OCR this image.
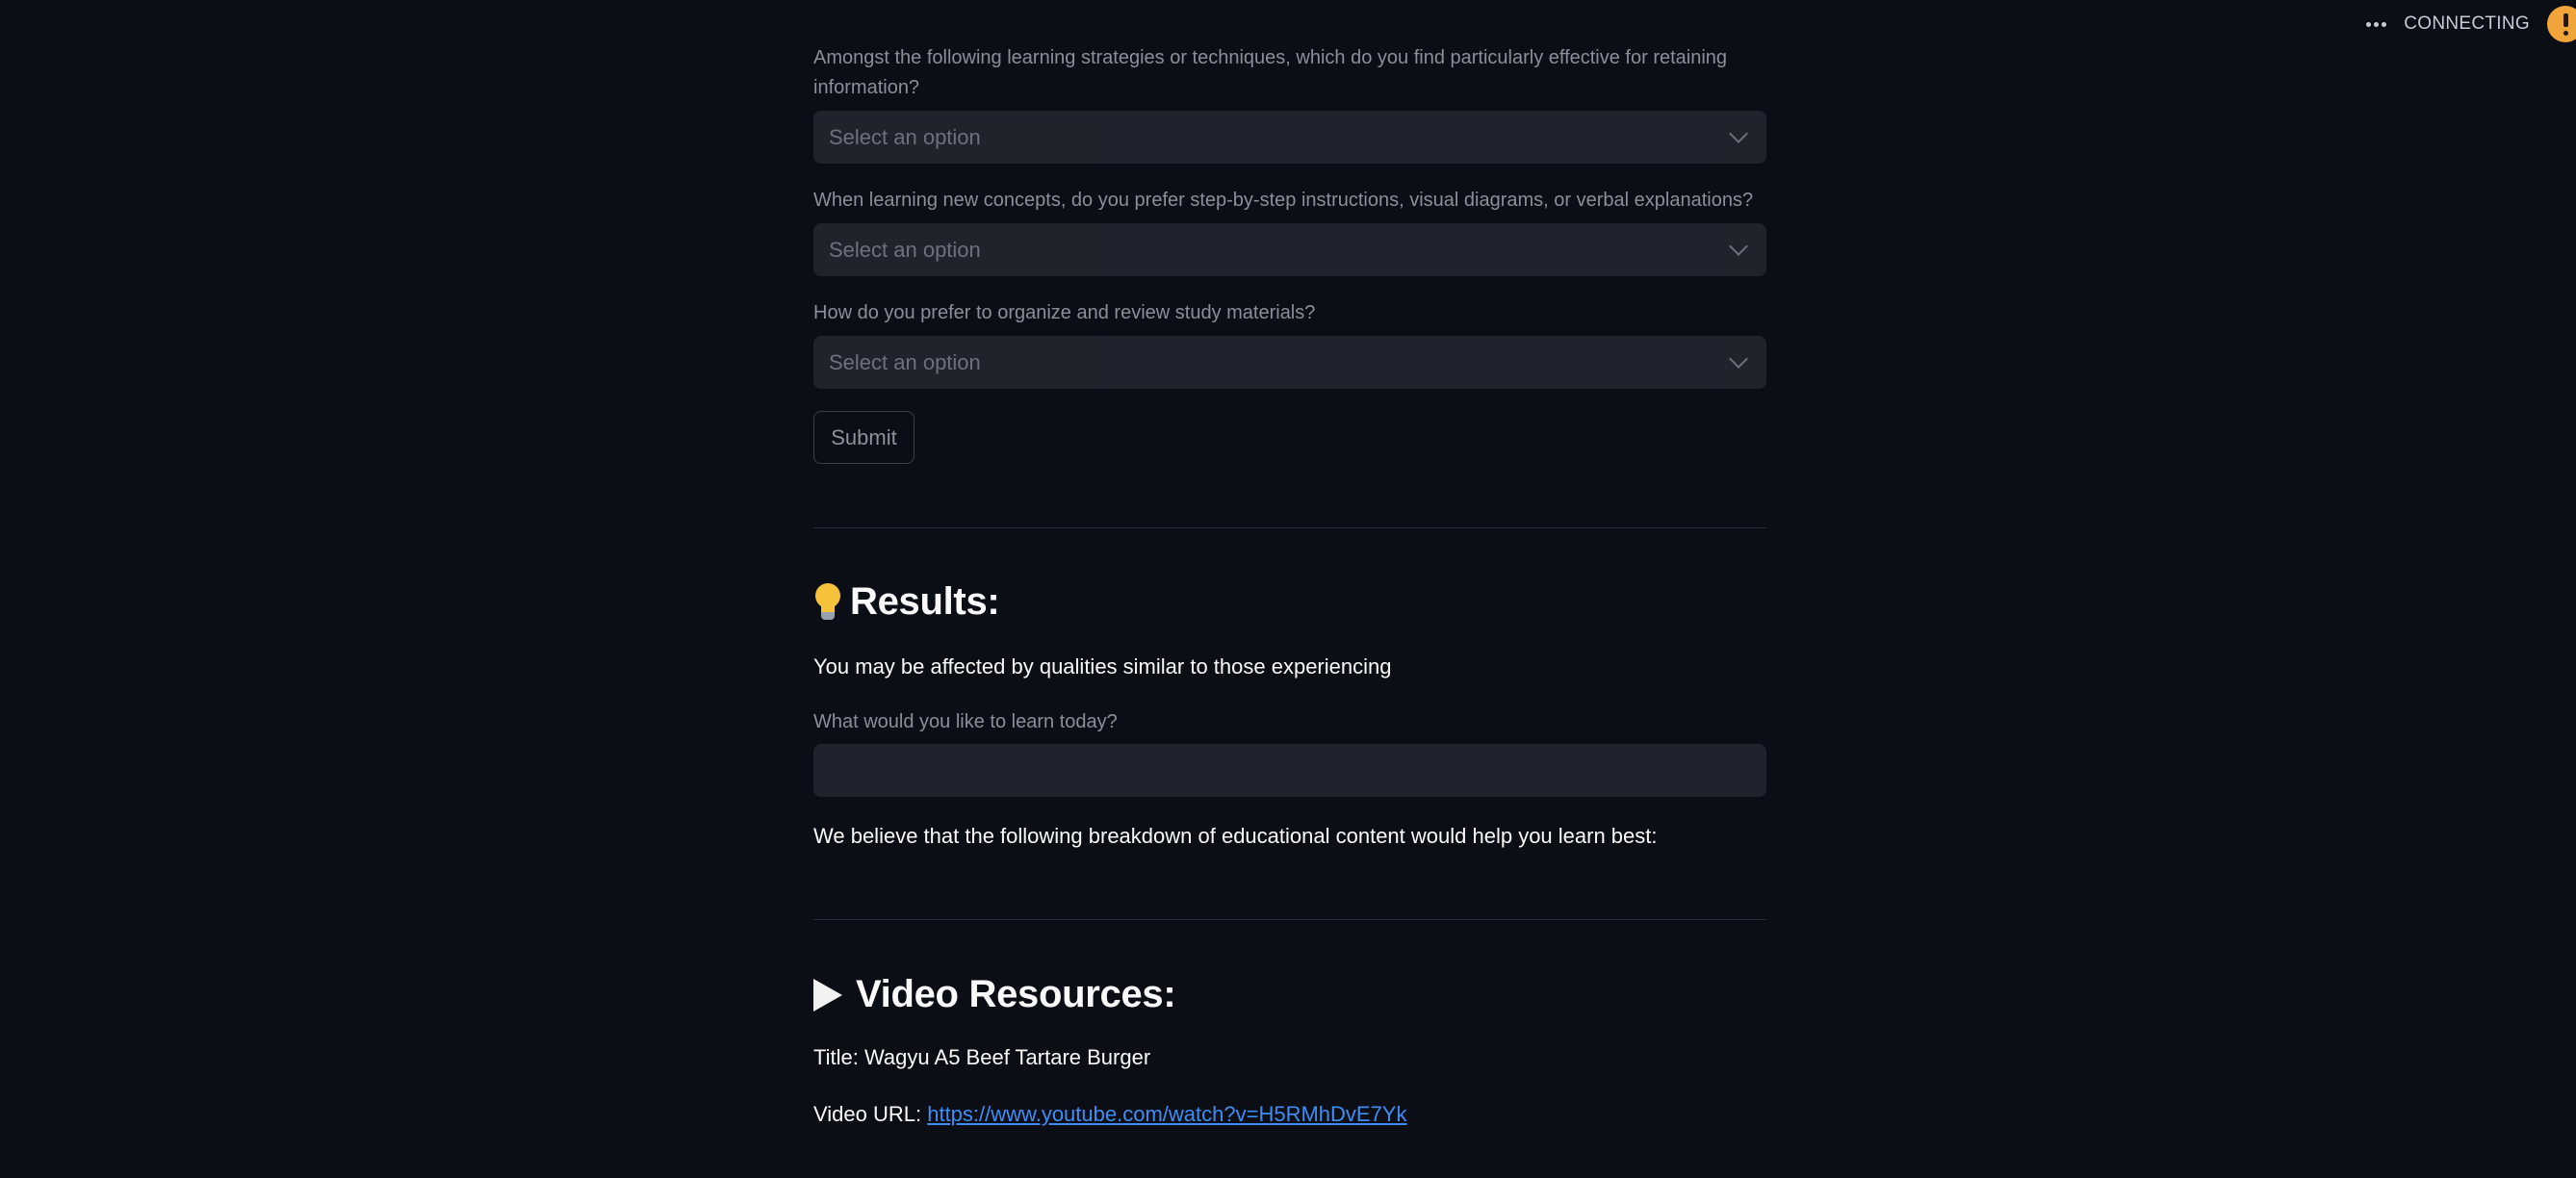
CONNECTING
Amongst the following learning strategies or techniques, which do you find particularly effective for retaining information?
Select an option
When learning new concepts, do you prefer step-by-step instructions, visual diagrams, or verbal explanations?
Select an option
How do you prefer to organize and review study materials?
Select an option
Submit
Results:
You may be affected by qualities similar to those experiencing
What would you like to learn today?
We believe that the following breakdown of educational content would help you learn best:
Video Resources:
Title: Wagyu A5 Beef Tartare Burger
Video URL: https://www.youtube.com/watch?v=H5RMhDvE7Yk
